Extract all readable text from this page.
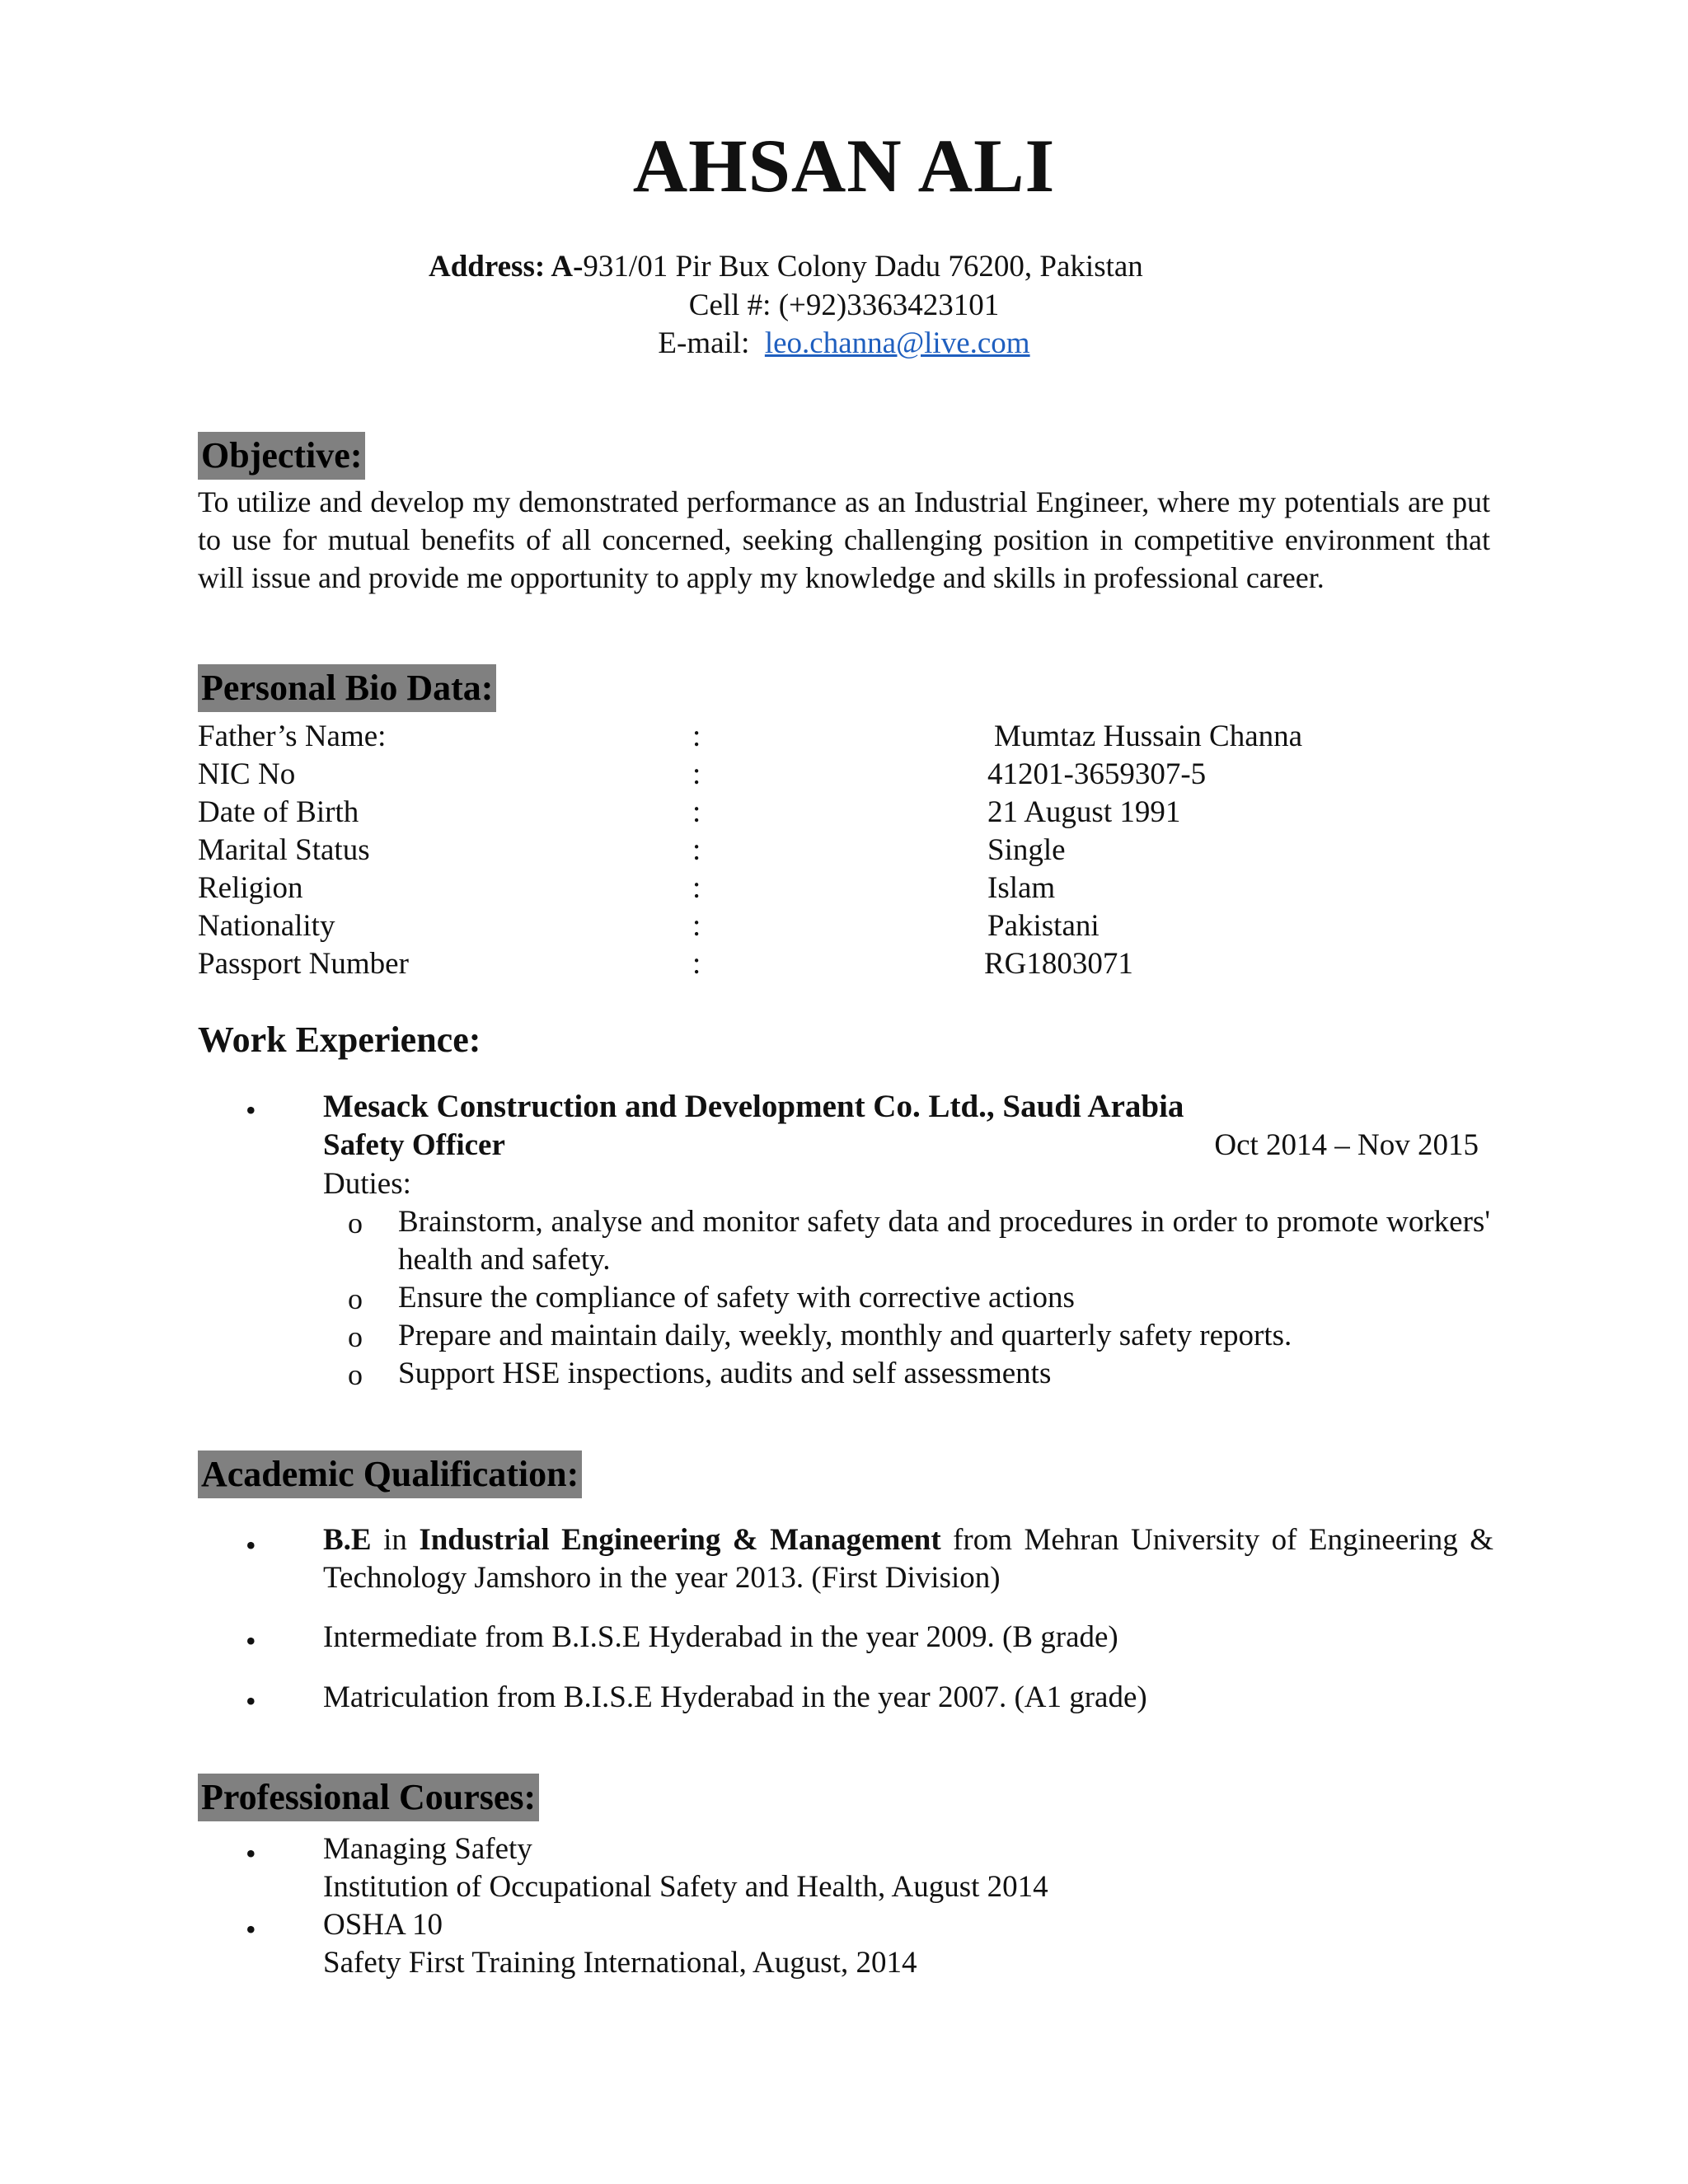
AHSAN ALI
Address: A-931/01 Pir Bux Colony Dadu 76200, Pakistan
Cell #: (+92)3363423101
E-mail: leo.channa@live.com
Objective:
To utilize and develop my demonstrated performance as an Industrial Engineer, where my potentials are put to use for mutual benefits of all concerned, seeking challenging position in competitive environment that will issue and provide me opportunity to apply my knowledge and skills in professional career.
Personal Bio Data:
Father’s Name:	:	Mumtaz Hussain Channa
NIC No	:	41201-3659307-5
Date of Birth	:	21 August 1991
Marital Status	:	Single
Religion	:	Islam
Nationality	:	Pakistani
Passport Number	:	RG1803071
Work Experience:
• Mesack Construction and Development Co. Ltd., Saudi Arabia
Safety Officer	Oct 2014 – Nov 2015
Duties:
o Brainstorm, analyse and monitor safety data and procedures in order to promote workers' health and safety.
o Ensure the compliance of safety with corrective actions
o Prepare and maintain daily, weekly, monthly and quarterly safety reports.
o Support HSE inspections, audits and self assessments
Academic Qualification:
• B.E in Industrial Engineering & Management from Mehran University of Engineering & Technology Jamshoro in the year 2013. (First Division)
• Intermediate from B.I.S.E Hyderabad in the year 2009. (B grade)
• Matriculation from B.I.S.E Hyderabad in the year 2007. (A1 grade)
Professional Courses:
• Managing Safety
Institution of Occupational Safety and Health, August 2014
• OSHA 10
Safety First Training International, August, 2014
